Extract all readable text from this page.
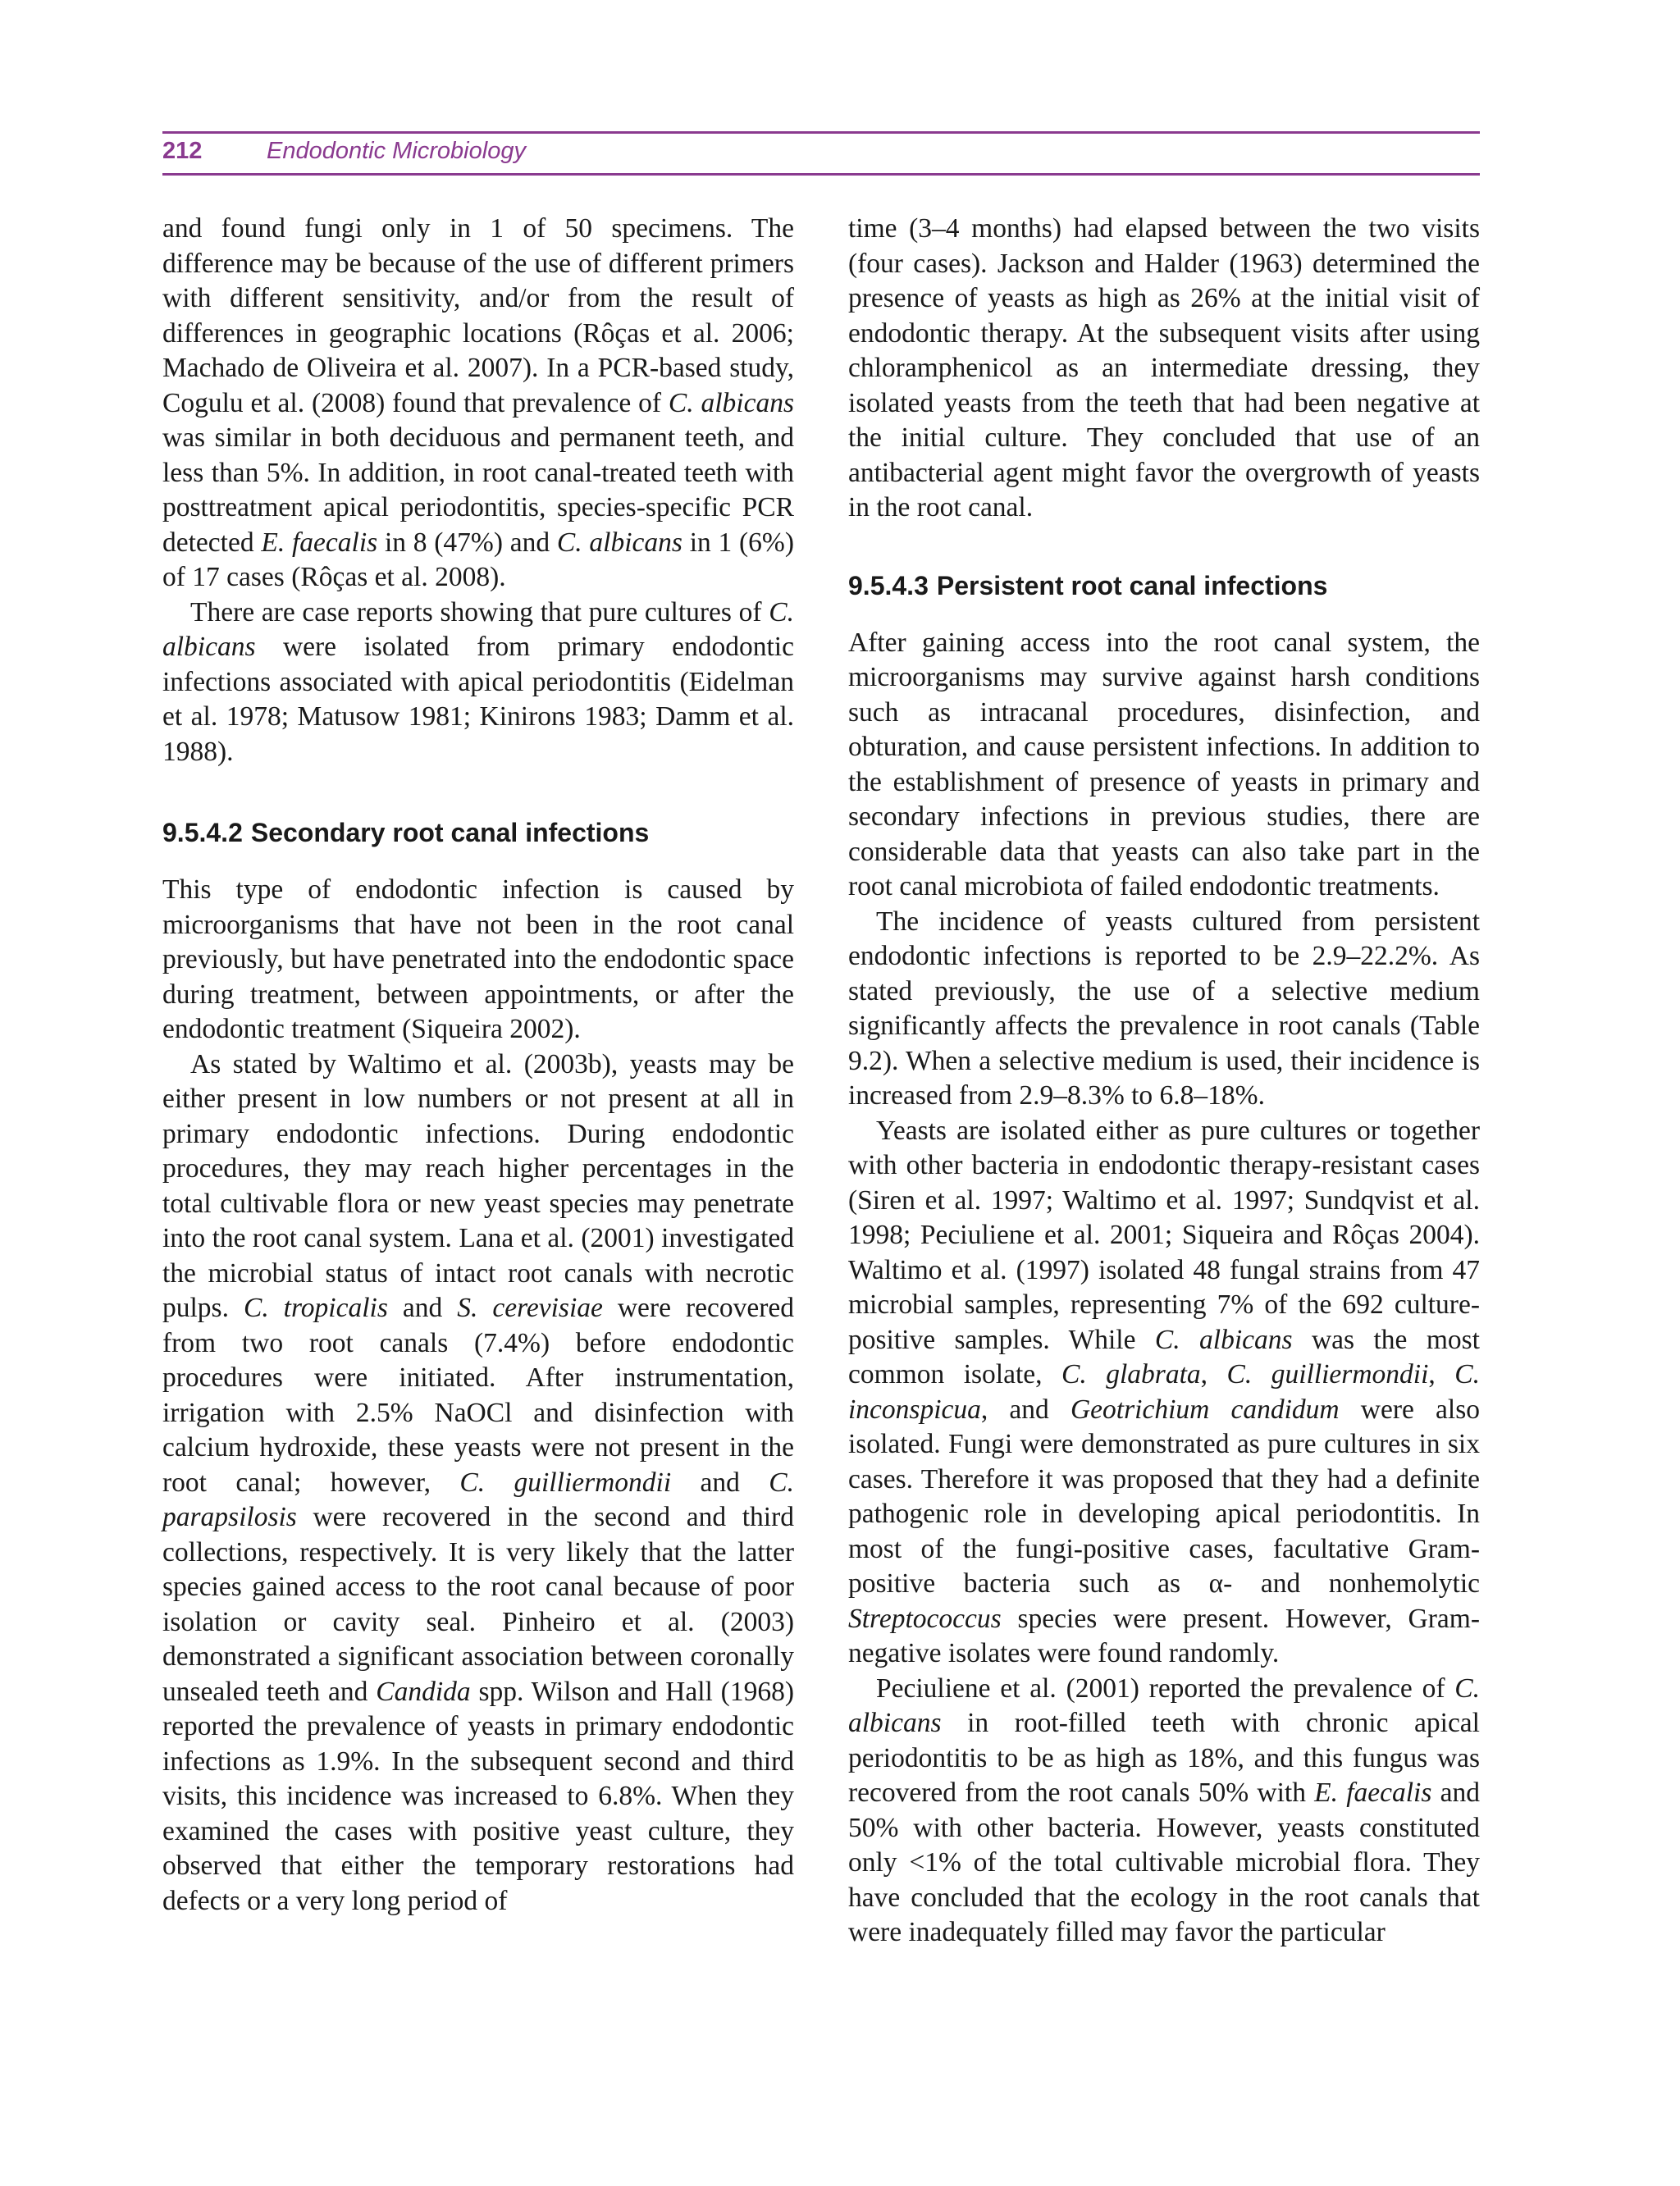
212	Endodontic Microbiology

and found fungi only in 1 of 50 specimens. The difference may be because of the use of different primers with different sensitivity, and/or from the result of differences in geographic locations (Rôças et al. 2006; Machado de Oliveira et al. 2007). In a PCR-based study, Cogulu et al. (2008) found that prevalence of C. albicans was similar in both deciduous and permanent teeth, and less than 5%. In addition, in root canal-treated teeth with posttreatment apical periodontitis, species-specific PCR detected E. faecalis in 8 (47%) and C. albicans in 1 (6%) of 17 cases (Rôças et al. 2008).

There are case reports showing that pure cultures of C. albicans were isolated from primary endodontic infections associated with apical periodontitis (Eidelman et al. 1978; Matusow 1981; Kinirons 1983; Damm et al. 1988).

9.5.4.2 Secondary root canal infections

This type of endodontic infection is caused by microorganisms that have not been in the root canal previously, but have penetrated into the endodontic space during treatment, between appointments, or after the endodontic treatment (Siqueira 2002).

As stated by Waltimo et al. (2003b), yeasts may be either present in low numbers or not present at all in primary endodontic infections. During endodontic procedures, they may reach higher percentages in the total cultivable flora or new yeast species may penetrate into the root canal system. Lana et al. (2001) investigated the microbial status of intact root canals with necrotic pulps. C. tropicalis and S. cerevisiae were recovered from two root canals (7.4%) before endodontic procedures were initiated. After instrumentation, irrigation with 2.5% NaOCl and disinfection with calcium hydroxide, these yeasts were not present in the root canal; however, C. guilliermondii and C. parapsilosis were recovered in the second and third collections, respectively. It is very likely that the latter species gained access to the root canal because of poor isolation or cavity seal. Pinheiro et al. (2003) demonstrated a significant association between coronally unsealed teeth and Candida spp. Wilson and Hall (1968) reported the prevalence of yeasts in primary endodontic infections as 1.9%. In the subsequent second and third visits, this incidence was increased to 6.8%. When they examined the cases with positive yeast culture, they observed that either the temporary restorations had defects or a very long period of

time (3–4 months) had elapsed between the two visits (four cases). Jackson and Halder (1963) determined the presence of yeasts as high as 26% at the initial visit of endodontic therapy. At the subsequent visits after using chloramphenicol as an intermediate dressing, they isolated yeasts from the teeth that had been negative at the initial culture. They concluded that use of an antibacterial agent might favor the overgrowth of yeasts in the root canal.

9.5.4.3 Persistent root canal infections

After gaining access into the root canal system, the microorganisms may survive against harsh conditions such as intracanal procedures, disinfection, and obturation, and cause persistent infections. In addition to the establishment of presence of yeasts in primary and secondary infections in previous studies, there are considerable data that yeasts can also take part in the root canal microbiota of failed endodontic treatments.

The incidence of yeasts cultured from persistent endodontic infections is reported to be 2.9–22.2%. As stated previously, the use of a selective medium significantly affects the prevalence in root canals (Table 9.2). When a selective medium is used, their incidence is increased from 2.9–8.3% to 6.8–18%.

Yeasts are isolated either as pure cultures or together with other bacteria in endodontic therapy-resistant cases (Siren et al. 1997; Waltimo et al. 1997; Sundqvist et al. 1998; Peciuliene et al. 2001; Siqueira and Rôças 2004). Waltimo et al. (1997) isolated 48 fungal strains from 47 microbial samples, representing 7% of the 692 culture-positive samples. While C. albicans was the most common isolate, C. glabrata, C. guilliermondii, C. inconspicua, and Geotrichium candidum were also isolated. Fungi were demonstrated as pure cultures in six cases. Therefore it was proposed that they had a definite pathogenic role in developing apical periodontitis. In most of the fungi-positive cases, facultative Gram-positive bacteria such as α- and nonhemolytic Streptococcus species were present. However, Gram-negative isolates were found randomly.

Peciuliene et al. (2001) reported the prevalence of C. albicans in root-filled teeth with chronic apical periodontitis to be as high as 18%, and this fungus was recovered from the root canals 50% with E. faecalis and 50% with other bacteria. However, yeasts constituted only <1% of the total cultivable microbial flora. They have concluded that the ecology in the root canals that were inadequately filled may favor the particular
